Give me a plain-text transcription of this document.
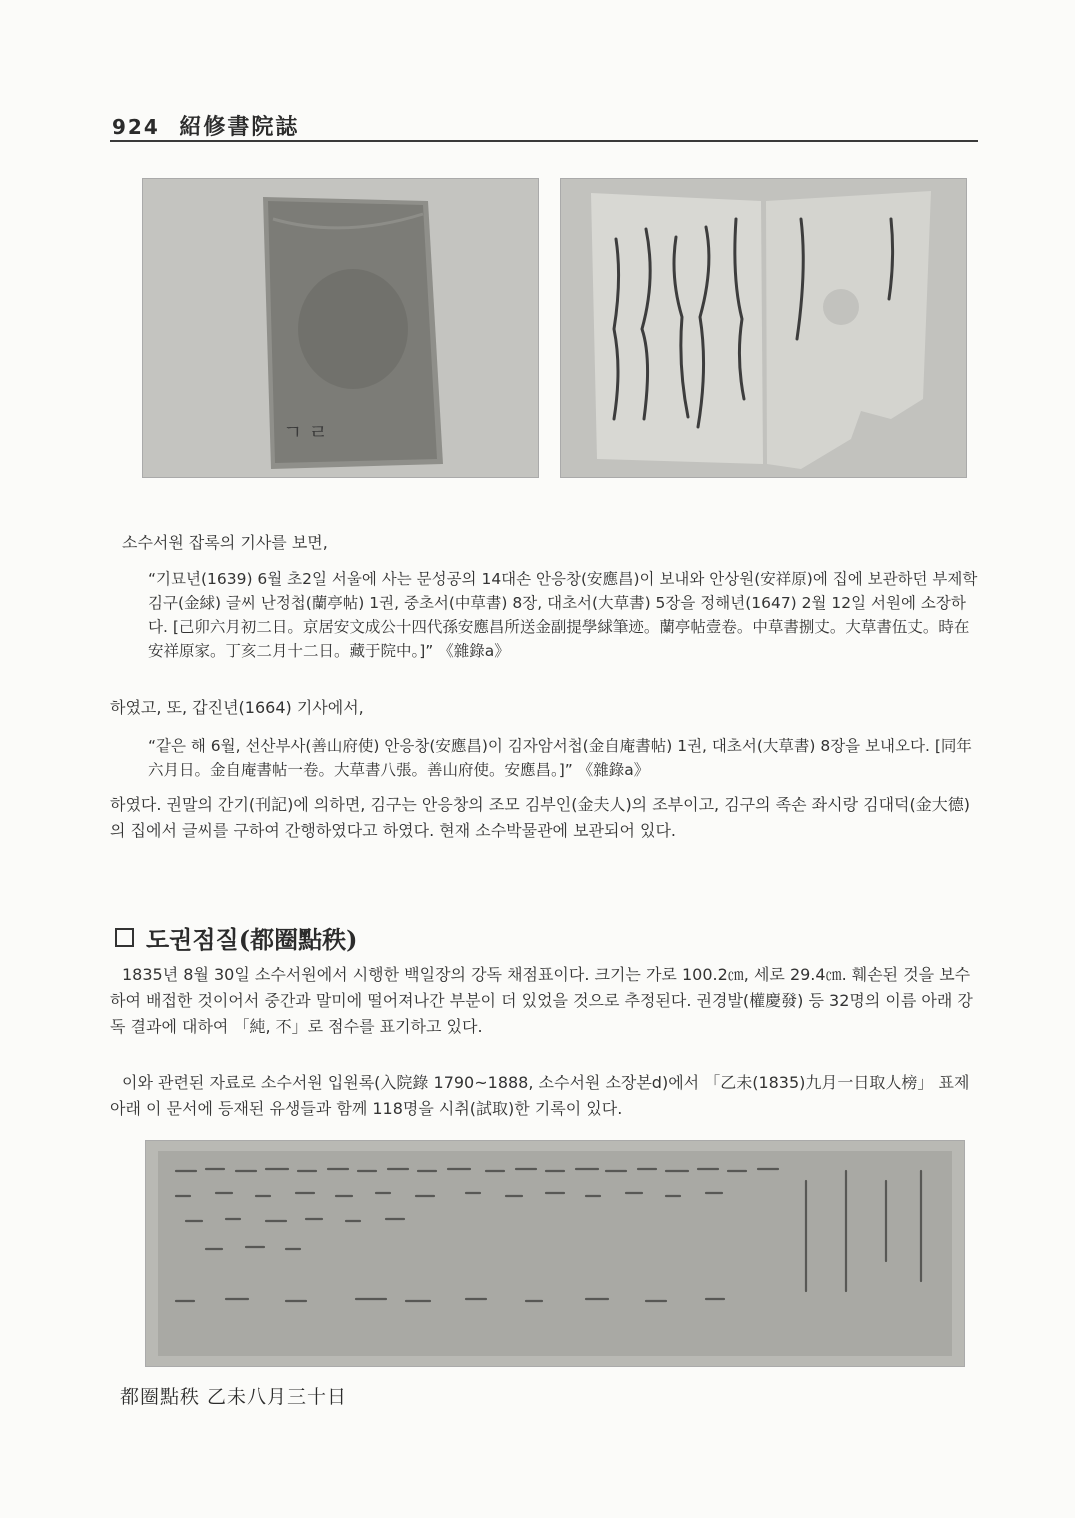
924 紹修書院誌
ㄱ ㄹ
소수서원 잡록의 기사를 보면,
“기묘년(1639) 6월 초2일 서울에 사는 문성공의 14대손 안응창(安應昌)이 보내와 안상원(安祥原)에 집에 보관하던 부제학 김구(金絿) 글씨 난정첩(蘭亭帖) 1권, 중초서(中草書) 8장, 대초서(大草書) 5장을 정해년(1647) 2월 12일 서원에 소장하다. [己卯六月初二日。京居安文成公十四代孫安應昌所送金副提學絿筆迹。蘭亭帖壹卷。中草書捌丈。大草書伍丈。時在安祥原家。丁亥二月十二日。藏于院中。]” 《雜錄a》
하였고, 또, 갑진년(1664) 기사에서,
“같은 해 6월, 선산부사(善山府使) 안응창(安應昌)이 김자암서첩(金自庵書帖) 1권, 대초서(大草書) 8장을 보내오다. [同年六月日。金自庵書帖一卷。大草書八張。善山府使。安應昌。]” 《雜錄a》
하였다. 권말의 간기(刊記)에 의하면, 김구는 안응창의 조모 김부인(金夫人)의 조부이고, 김구의 족손 좌시랑 김대덕(金大德)의 집에서 글씨를 구하여 간행하였다고 하였다. 현재 소수박물관에 보관되어 있다.
도권점질(都圈點秩)
1835년 8월 30일 소수서원에서 시행한 백일장의 강독 채점표이다. 크기는 가로 100.2㎝, 세로 29.4㎝. 훼손된 것을 보수하여 배접한 것이어서 중간과 말미에 떨어져나간 부분이 더 있었을 것으로 추정된다. 권경발(權慶發) 등 32명의 이름 아래 강독 결과에 대하여 「純, 不」로 점수를 표기하고 있다.
이와 관련된 자료로 소수서원 입원록(入院錄 1790~1888, 소수서원 소장본d)에서 「乙未(1835)九月一日取人榜」 표제 아래 이 문서에 등재된 유생들과 함께 118명을 시취(試取)한 기록이 있다.
都圈點秩 乙未八月三十日
